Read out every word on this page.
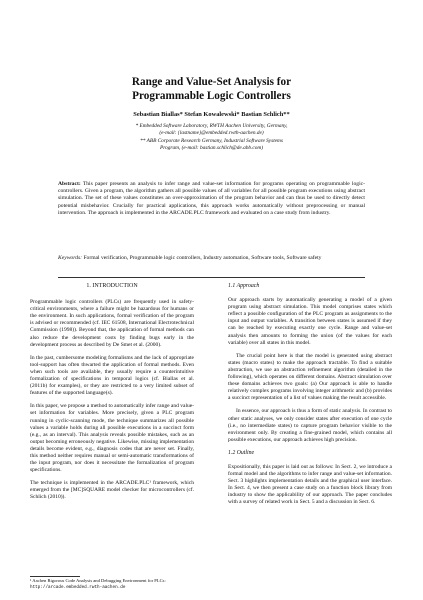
Range and Value-Set Analysis for
Programmable Logic Controllers
Sebastian Biallas* Stefan Kowalewski* Bastian Schlich**
* Embedded Software Laboratory, RWTH Aachen University, Germany,
(e-mail: {lastname}@embedded.rwth-aachen.de)
** ABB Corporate Research Germany, Industrial Software Systems
Program, (e-mail: bastian.schlich@de.abb.com)

Abstract: This paper presents an analysis to infer range and value-set information for programs operating on programmable logic-controllers. Given a program, the algorithm gathers all possible values of all variables for all possible program executions using abstract simulation. The set of these values constitutes an over-approximation of the program behavior and can thus be used to directly detect potential misbehavior. Crucially for practical applications, this approach works automatically without preprocessing or manual intervention. The approach is implemented in the ARCADE.PLC framework and evaluated on a case study from industry.

Keywords: Formal verification, Programmable logic controllers, Industry automation, Software tools, Software safety

1. INTRODUCTION

Programmable logic controllers (PLCs) are frequently used in safety-critical environments, where a failure might be hazardous for humans or the environment. In such applications, formal verification of the program is advised or recommended (cf. IEC 61508, International Electrotechnical Commission (1998)). Beyond that, the application of formal methods can also reduce the development costs by finding bugs early in the development process as described by De Smet et al. (2000).

In the past, cumbersome modeling formalisms and the lack of appropriate tool-support has often thwarted the application of formal methods. Even when such tools are available, they usually require a counterintuitive formalization of specifications in temporal logics (cf. Biallas et al. (2011b) for examples), or they are restricted to a very limited subset of features of the supported language(s).

In this paper, we propose a method to automatically infer range and value-set information for variables. More precisely, given a PLC program running in cyclic-scanning mode, the technique summarizes all possible values a variable holds during all possible executions in a succinct form (e.g., as an interval). This analysis reveals possible mistakes, such as an output becoming erroneously negative. Likewise, missing implementation details become evident, e.g., diagnosis codes that are never set. Finally, this method neither requires manual or semi-automatic transformations of the input program, nor does it necessitate the formalization of program specifications.

The technique is implemented in the ARCADE.PLC¹ framework, which emerged from the [MC]SQUARE model checker for microcontrollers (cf. Schlich (2010)).

¹ Aachen Rigorous Code Analysis and Debugging Environment for PLCs: http://arcade.embedded.rwth-aachen.de

1.1 Approach

Our approach starts by automatically generating a model of a given program using abstract simulation. This model comprises states which reflect a possible configuration of the PLC program as assignments to the input and output variables. A transition between states is assumed if they can be reached by executing exactly one cycle. Range and value-set analysis then amounts to forming the union (of the values for each variable) over all states in this model.

The crucial point here is that the model is generated using abstract states (macro states) to make the approach tractable. To find a suitable abstraction, we use an abstraction refinement algorithm (detailed in the following), which operates on different domains. Abstract simulation over these domains achieves two goals: (a) Our approach is able to handle relatively complex programs involving integer arithmetic and (b) provides a succinct representation of a list of values making the result accessible.

In essence, our approach is thus a form of static analysis. In contrast to other static analyses, we only consider states after execution of one cycle (i.e., no intermediate states) to capture program behavior visible to the environment only. By creating a fine-grained model, which contains all possible executions, our approach achieves high precision.

1.2 Outline

Expositionally, this paper is laid out as follows: In Sect. 2, we introduce a formal model and the algorithms to infer range and value-set information. Sect. 3 highlights implementation details and the graphical user interface. In Sect. 4, we then present a case study on a function block library from industry to show the applicability of our approach. The paper concludes with a survey of related work in Sect. 5 and a discussion in Sect. 6.
